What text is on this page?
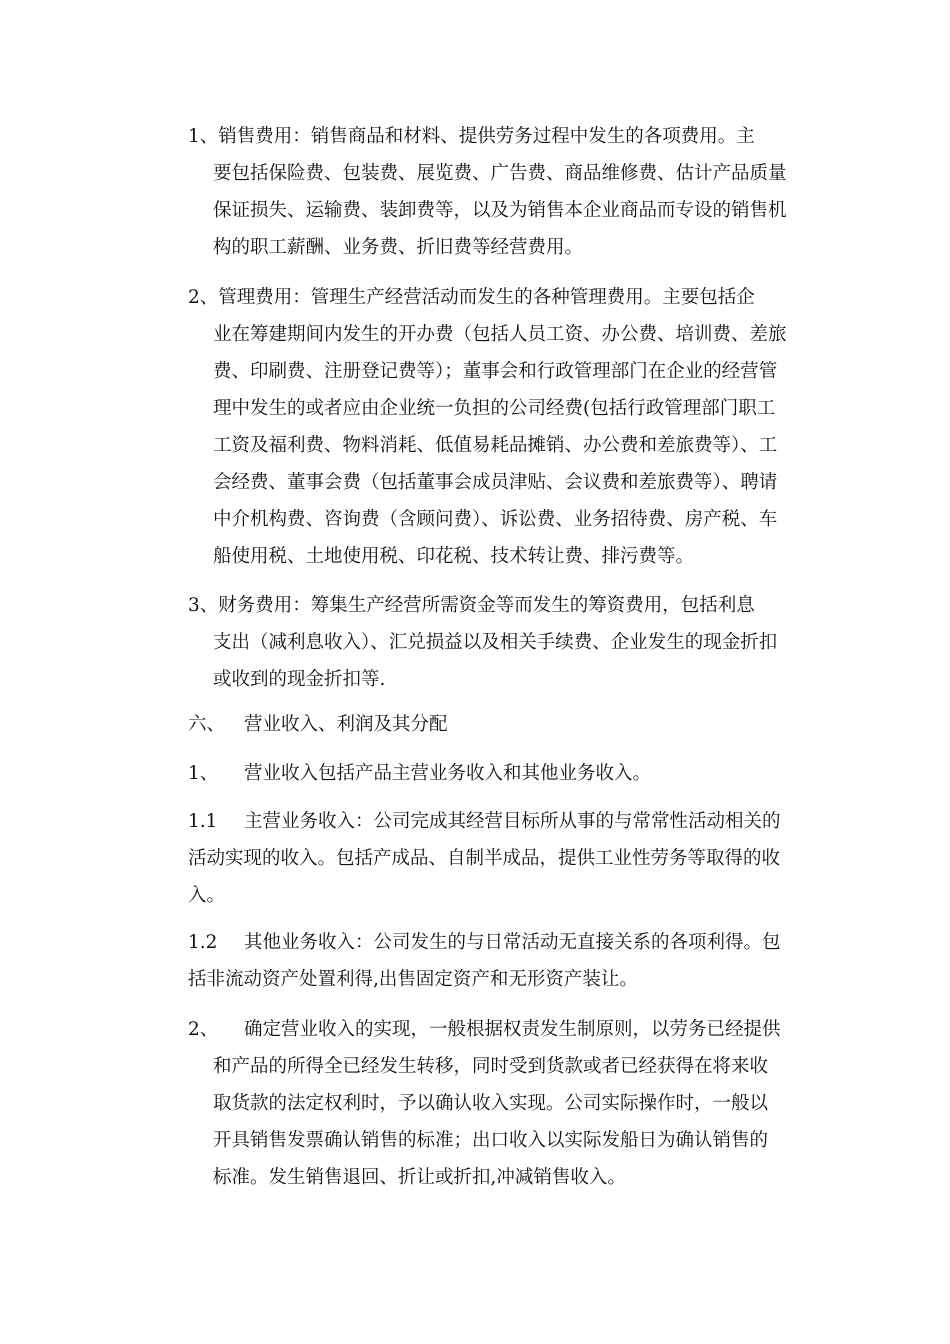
1、销售费用：销售商品和材料、提供劳务过程中发生的各项费用。主
要包括保险费、包装费、展览费、广告费、商品维修费、估计产品质量
保证损失、运输费、装卸费等，以及为销售本企业商品而专设的销售机
构的职工薪酬、业务费、折旧费等经营费用。
2、管理费用：管理生产经营活动而发生的各种管理费用。主要包括企
业在筹建期间内发生的开办费（包括人员工资、办公费、培训费、差旅
费、印刷费、注册登记费等）；董事会和行政管理部门在企业的经营管
理中发生的或者应由企业统一负担的公司经费(包括行政管理部门职工
工资及福利费、物料消耗、低值易耗品摊销、办公费和差旅费等）、工
会经费、董事会费（包括董事会成员津贴、会议费和差旅费等）、聘请
中介机构费、咨询费（含顾问费）、诉讼费、业务招待费、房产税、车
船使用税、土地使用税、印花税、技术转让费、排污费等。
3、财务费用：筹集生产经营所需资金等而发生的筹资费用，包括利息
支出（减利息收入）、汇兑损益以及相关手续费、企业发生的现金折扣
或收到的现金折扣等.
六、 营业收入、利润及其分配
1、 营业收入包括产品主营业务收入和其他业务收入。
1.1 主营业务收入：公司完成其经营目标所从事的与常常性活动相关的
活动实现的收入。包括产成品、自制半成品，提供工业性劳务等取得的收
入。
1.2 其他业务收入：公司发生的与日常活动无直接关系的各项利得。包
括非流动资产处置利得,出售固定资产和无形资产装让。
2、 确定营业收入的实现，一般根据权责发生制原则，以劳务已经提供
和产品的所得全已经发生转移，同时受到货款或者已经获得在将来收
取货款的法定权利时，予以确认收入实现。公司实际操作时，一般以
开具销售发票确认销售的标准；出口收入以实际发船日为确认销售的
标准。发生销售退回、折让或折扣,冲减销售收入。
